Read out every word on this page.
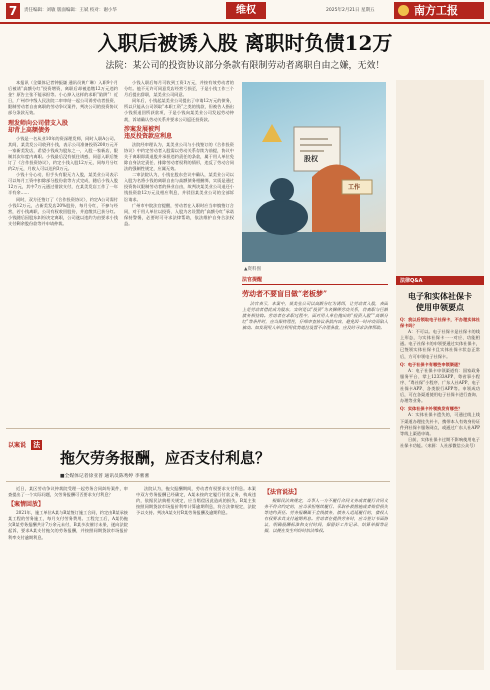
7	责任编辑：刘敏 版面编辑：王斌 校对：谢小华	维权	2025年2月21日 星期五	南方工报
入职后被诱入股 离职时负债12万
法院：某公司的投资协议部分条款有限制劳动者离职自由之嫌，无效！

本报讯（全媒体记者钟振谦 通讯员黄广琳）入职9个月后被诱“高额分红”投资增资，离职后却被追缴12万元违约金？原告主张不能承担等。小心掉入这样的求职“陷阱”！近日，广州市中级人民法院二审审结一起公司诱劳动者投资、限制劳动者自由离职的劳动争议案件，判决公司的投资协议部分条款无效。

理发师向公司借支入股
却背上高额债务

小钱是一名从业10年的资深理发师，同时入职A公司。其间，某美发公司收到小钱，表示公司准备投资200万元开一家新美发店，希望小钱成为股东之一，入股一家新店，限制其次年度内离职。小钱最后没有抵住诱惑，同意入职后签订了《合作投资协议》，约定小钱入股12万元，同每月分红约2万元，月收入可以达到3万元。

小钱十分心动，但手头有限无力入股，某美业公司表示可以每月工资中扣除部分股份款等方式完成，随后小钱入股12万元，其中7万元通过借款支付，在某美发店工作了一年半有余……

同时，双方还签订了《合作投资协议》，约定A公司需付小钱12万元，占新美发店20%股份，每月分红，不参与经营，若小钱离职，公司有权收回股份，并追缴其已获分红。小钱随后因股东纠纷决定离职，公司遂以违约为由要求小钱支付剩余股份款等并申请仲裁。

小钱入职后每月可收到工资1万元，并按有效劳动者的分红。他不无许可同意发店经营亏损至，于是小钱工作三个月后提出辞职，某美业公司同意。

同年后，小钱起某美业公司提出了申请12万元的债务，所以只能从公司领取“本职工资”之类的钱款，但被告人指出小钱须退回所获款项，于是小钱向某美业公司发起劳动仲裁，诉请确认劳动关系并要求公司返还投资款。

涉案发展被判
违反投资款应利息

法院经审理认为，某美业公司与小钱签订的《合作投资协议》中约定劳动者入股需以劳动关系存续为前提，协议中关于离职即需退股并承担违约责任的条款，属于用人单位免除自身法定责任、排除劳动者权利的情形，违反了劳动合同法的强制性规定，应属无效。

二审法院认为，小钱在股东会议中确认，某美业公司以入股为名将小钱的离职自由与高额债务相捆绑，实质是通过投资协议限制劳动者的择业自由，故判决某美业公司退还小钱投资款12万元及相应利息，并驳回某美业公司的全部诉讼请求。

广州市中院法官提醒，劳动者在入职时应当审慎签订合同，对于用人单位以投资、入股为名设置的“高额分红”承诺保持警惕，必要时可寻求法律帮助，依法维护自身合法权益。

股权
工作
▲资料图
法官提醒
劳动者不要盲目做“老板梦”

法官表示，本案中，某美业公司以高额分红为诱饵，让劳动者入股，表面上是劳动者借此成为股东，实则是以“投资”为名捆绑劳动关系，将离职与巨额债务相挂钩。劳动者在求职过程中，面对用人单位抛出的“投资入股”“高额分红”等条件时，应当保持理性，仔细审查协议条款内容，避免因一时冲动而陷入被动。如发现用人单位利用优势地位设置不合理条款，应及时寻求法律帮助。

法律Q&A
电子和实体社保卡
使用申领要点
Q：我以后领取电子社保卡，不办理实体社保卡吗？

A：不可以。电子社保卡是社保卡的线上形态，与实体社保卡一一对应、功能相通。电子社保卡的申领要通过实体社保卡，已签领实体社保卡且实体社保卡状态正常后，方可申领电子社保卡。

Q：电子社保卡有哪些申领渠道？

A：电子社保卡申领渠道有：国家政务服务平台、掌上12333APP、粤省事小程序、“粤社保”小程序、广东人社APP、电子社保卡APP、各类银行APP等。申领成功后，可在各渠道使用电子社保卡进行查询、办理等业务。

Q：实体社保卡补领换发有哪些？

A：实体社保卡遗失的，可通过线上线下渠道办理挂失补卡，携带本人有效身份证件到社保卡服务网点，或通过广东人社APP等线上渠道申请。

日前，实体社保卡过期不影响使用电子社保卡功能。（来源：人社部微信公众号）

以案说 法
拖欠劳务报酬，应否支付利息？
■全媒体记者徐亚普 通讯员陈秀婷 李薯薯

近日，某区劳动争议仲裁院受理一起劳务合同纠纷案件，审查提出了一个实际问题，欠劳务报酬可否要求支付利息？

【案情回放】

2021年，施工单位A某与B某签订施工合同，约定由B某承接某工程的劳务施工，每月支付劳务费用。工程完工后，A某仍拖欠B某劳务报酬共计7万余元未付，B某多次催讨未果，遂向法院起诉，要求A某支付拖欠的劳务报酬，并按照同期贷款市场报价利率支付逾期利息。

法院认为，拖欠报酬期间，劳动者有权要求支付利息。本案中双方劳务报酬已经确定，A某未按约定履行付款义务，构成违约，依据民法典相关规定，应当赔偿因此造成的损失。B某主张按照同期贷款市场报价利率计算逾期利息，符合法律规定，法院予以支持。判决A某支付B某劳务报酬及逾期利息。

【法官说法】

根据民法典规定，当事人一方不履行合同义务或者履行合同义务不符合约定的，应当承担继续履行、采取补救措施或者赔偿损失等违约责任。劳务报酬属于金钱债务，债务人迟延履行的，债权人有权要求其支付逾期利息。劳动者在提供劳务时，应当签订书面协议，明确报酬标准和支付时间，保留好工作记录、结算单据等证据，以便在发生纠纷时依法维权。
